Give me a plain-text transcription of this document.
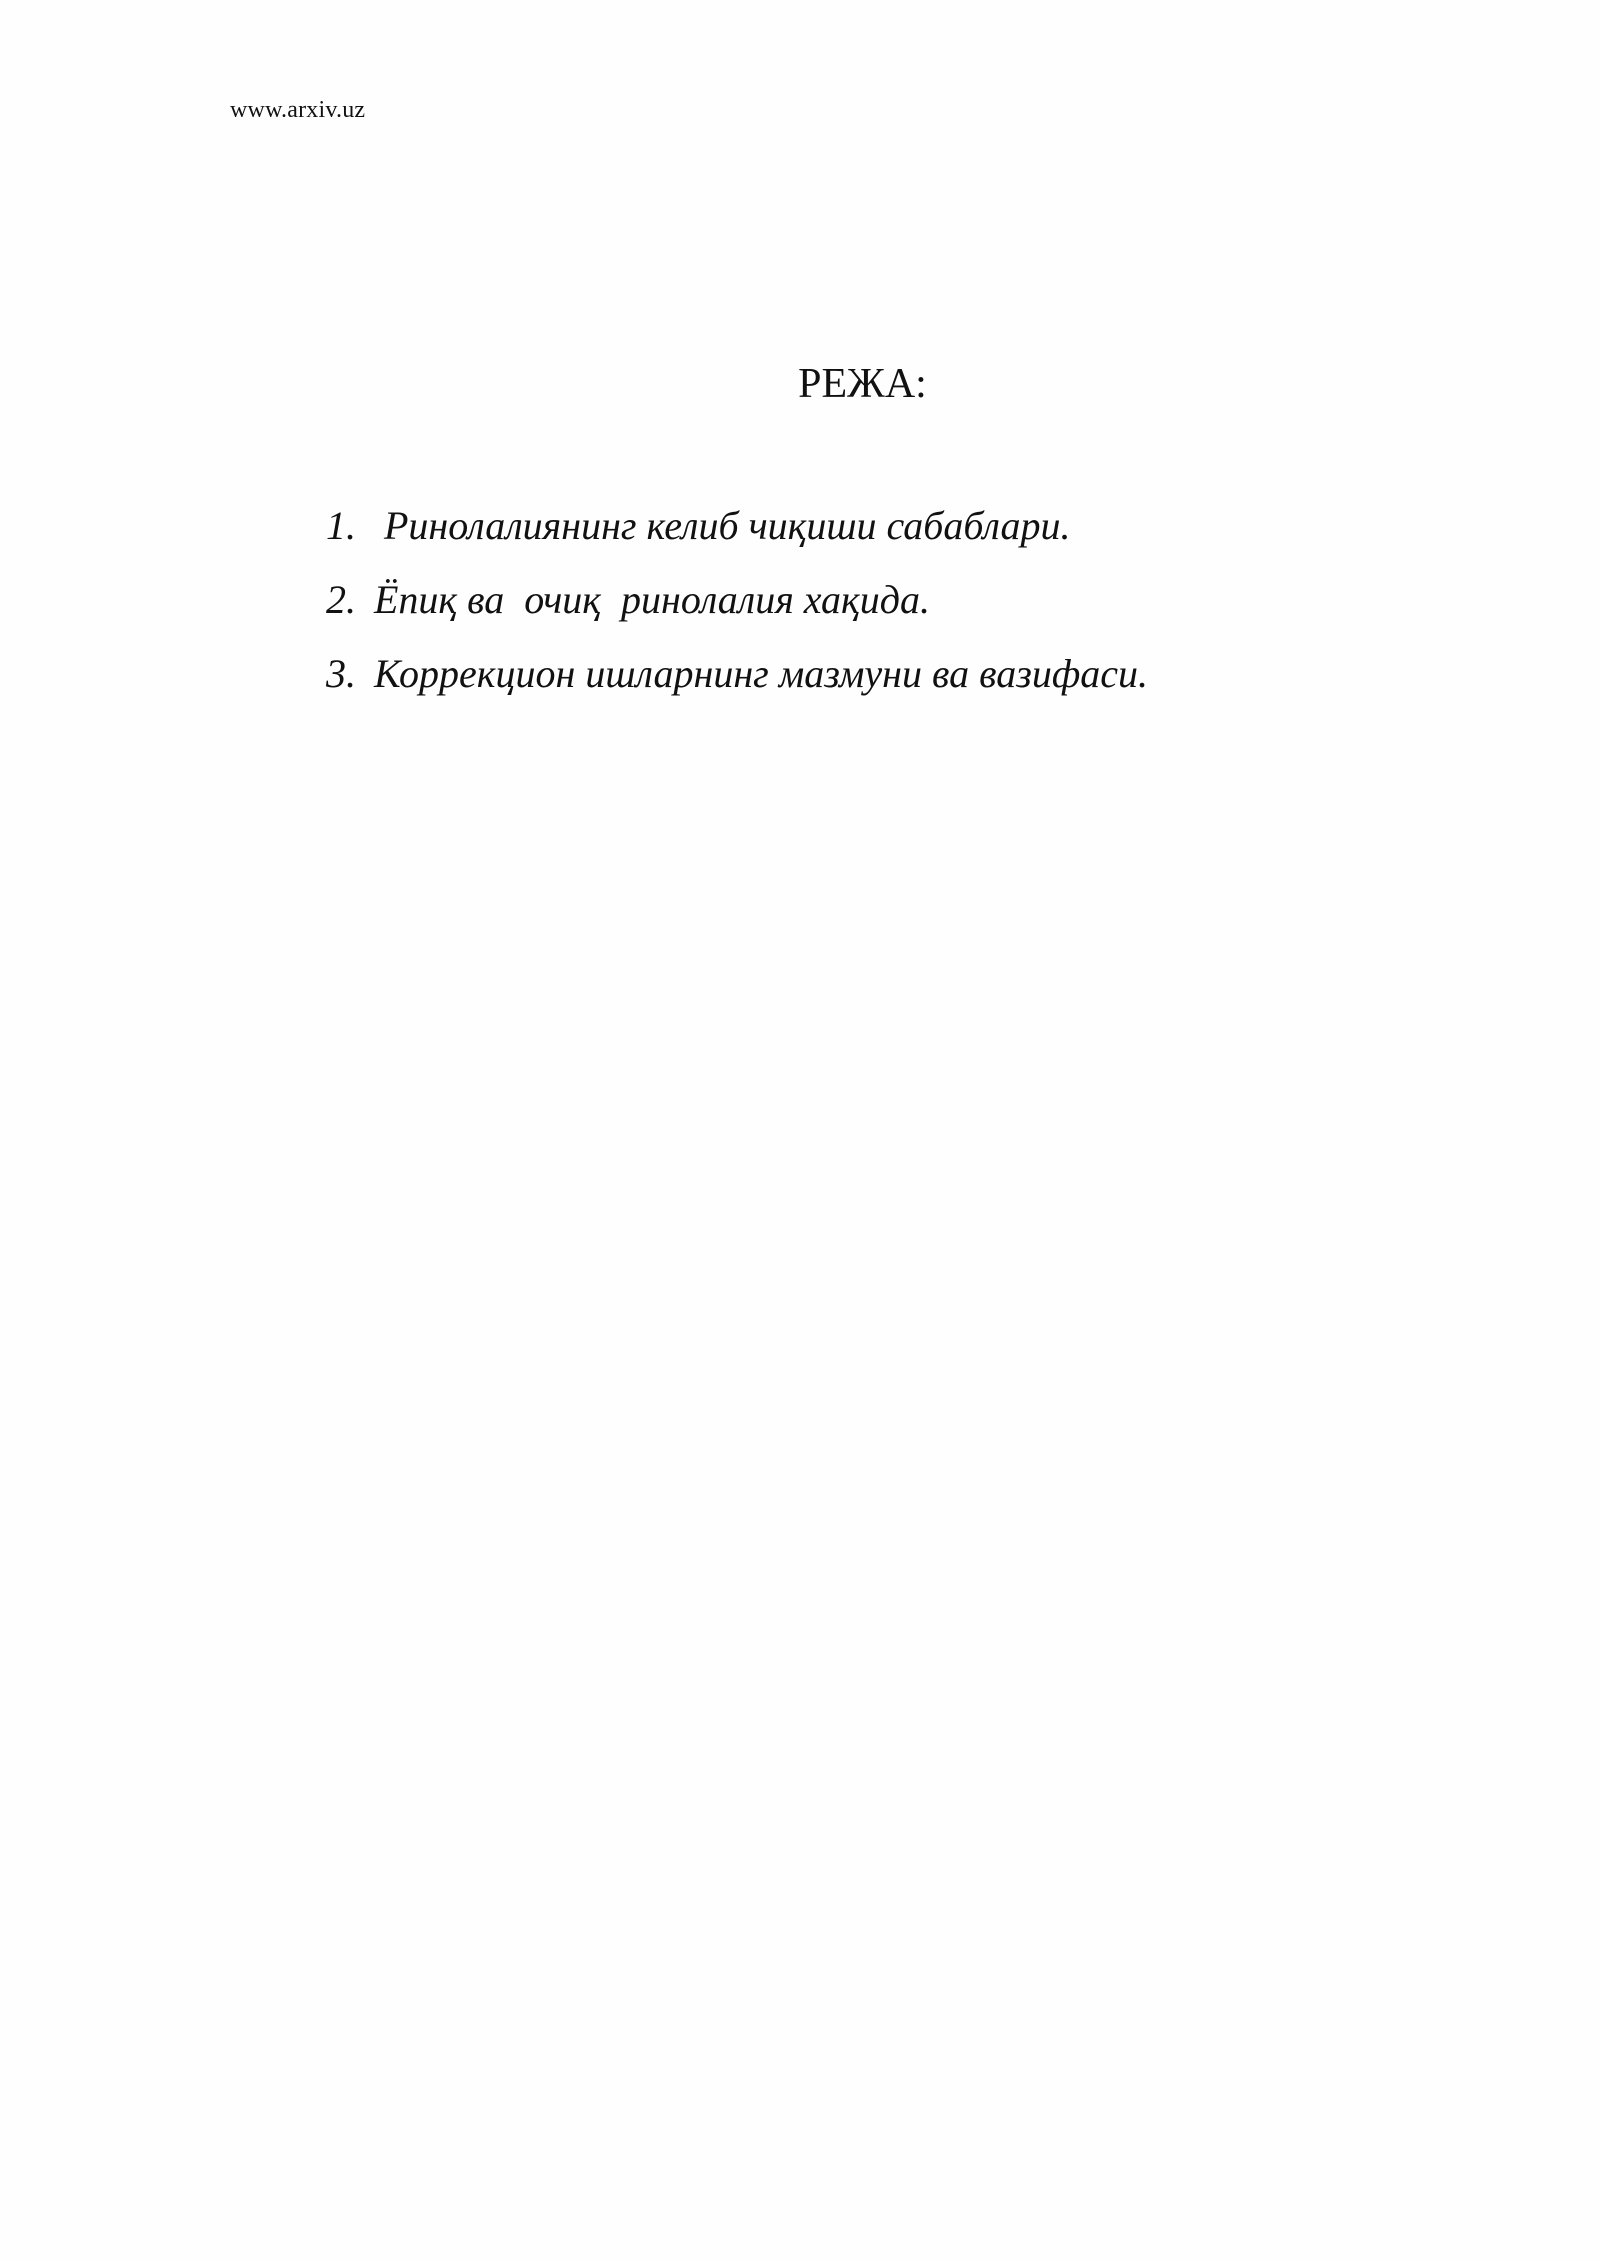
www.arxiv.uz
РЕЖА:
1. Ринолалиянинг келиб чиқиши сабаблари.
2. Ёпиқ ва  очиқ  ринолалия хақида.
3. Коррекцион ишларнинг мазмуни ва вазифаси.
